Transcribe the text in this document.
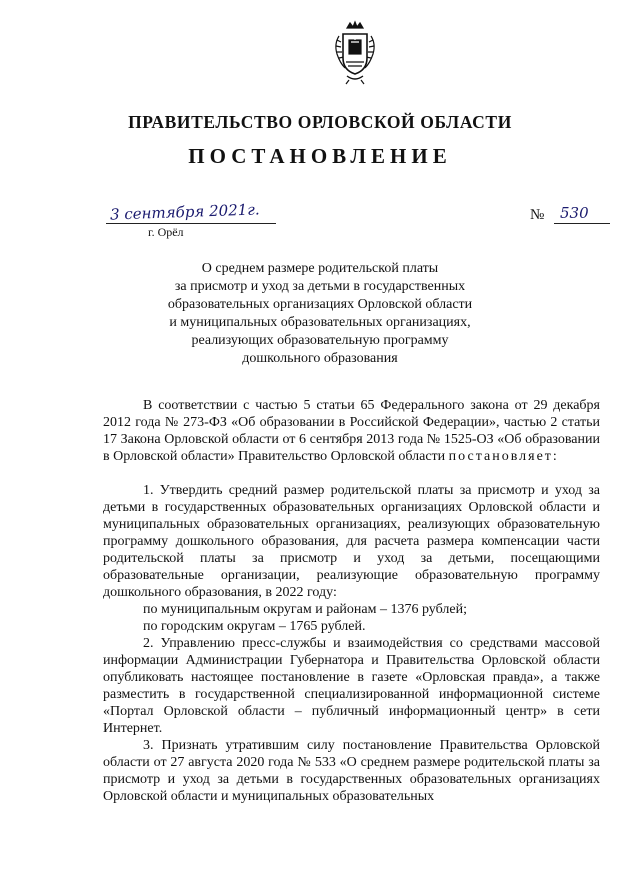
ПРАВИТЕЛЬСТВО ОРЛОВСКОЙ ОБЛАСТИ
ПОСТАНОВЛЕНИЕ
3 сентября 2021г.
г. Орёл
№ 530
О среднем размере родительской платы
за присмотр и уход за детьми в государственных
образовательных организациях Орловской области
и муниципальных образовательных организациях,
реализующих образовательную программу
дошкольного образования

В соответствии с частью 5 статьи 65 Федерального закона от 29 декабря 2012 года № 273-ФЗ «Об образовании в Российской Федерации», частью 2 статьи 17 Закона Орловской области от 6 сентября 2013 года № 1525-ОЗ «Об образовании в Орловской области» Правительство Орловской области постановляет:

1. Утвердить средний размер родительской платы за присмотр и уход за детьми в государственных образовательных организациях Орловской области и муниципальных образовательных организациях, реализующих образовательную программу дошкольного образования, для расчета размера компенсации части родительской платы за присмотр и уход за детьми, посещающими образовательные организации, реализующие образовательную программу дошкольного образования, в 2022 году:

по муниципальным округам и районам – 1376 рублей;

по городским округам – 1765 рублей.

2. Управлению пресс-службы и взаимодействия со средствами массовой информации Администрации Губернатора и Правительства Орловской области опубликовать настоящее постановление в газете «Орловская правда», а также разместить в государственной специализированной информационной системе «Портал Орловской области – публичный информационный центр» в сети Интернет.

3. Признать утратившим силу постановление Правительства Орловской области от 27 августа 2020 года № 533 «О среднем размере родительской платы за присмотр и уход за детьми в государственных образовательных организациях Орловской области и муниципальных образовательных
